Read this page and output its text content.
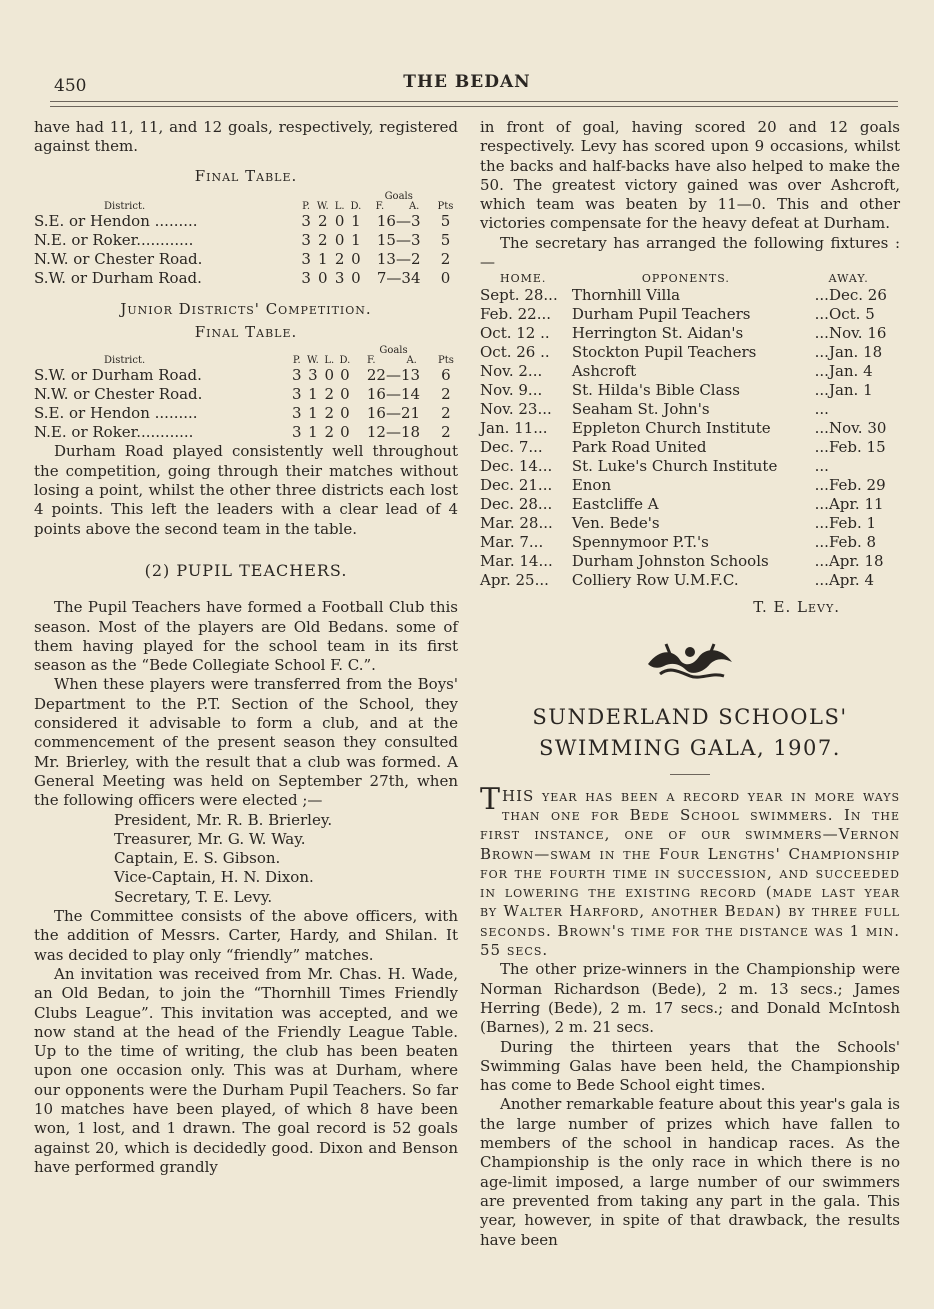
450	THE BEDAN

have had 11, 11, and 12 goals, respectively, registered against them.

Final Table.

					Goals		
District.	P.	W.	L.	D.	F.	A.	Pts
S.E. or Hendon .........	3	2	0	1	16—3		5
N.E. or Roker............	3	2	0	1	15—3		5
N.W. or Chester Road.	3	1	2	0	13—2		2
S.W. or Durham Road.	3	0	3	0	7—34		0

Junior Districts' Competition.

Final Table.

					Goals		
District.	P.	W.	L.	D.	F.	A.	Pts
S.W. or Durham Road.	3	3	0	0	22—13		6
N.W. or Chester Road.	3	1	2	0	16—14		2
S.E. or Hendon .........	3	1	2	0	16—21		2
N.E. or Roker............	3	1	2	0	12—18		2

Durham Road played consistently well throughout the competition, going through their matches without losing a point, whilst the other three districts each lost 4 points. This left the leaders with a clear lead of 4 points above the second team in the table.

(2) PUPIL TEACHERS.

The Pupil Teachers have formed a Football Club this season. Most of the players are Old Bedans. some of them having played for the school team in its first season as the “Bede Collegiate School F. C.”.

When these players were transferred from the Boys' Department to the P.T. Section of the School, they considered it advisable to form a club, and at the commencement of the present season they consulted Mr. Brierley, with the result that a club was formed. A General Meeting was held on September 27th, when the following officers were elected ;—

President, Mr. R. B. Brierley.

Treasurer, Mr. G. W. Way.

Captain, E. S. Gibson.

Vice-Captain, H. N. Dixon.

Secretary, T. E. Levy.

The Committee consists of the above officers, with the addition of Messrs. Carter, Hardy, and Shilan. It was decided to play only “friendly” matches.

An invitation was received from Mr. Chas. H. Wade, an Old Bedan, to join the “Thornhill Times Friendly Clubs League”. This invitation was accepted, and we now stand at the head of the Friendly League Table. Up to the time of writing, the club has been beaten upon one occasion only. This was at Durham, where our opponents were the Durham Pupil Teachers. So far 10 matches have been played, of which 8 have been won, 1 lost, and 1 drawn. The goal record is 52 goals against 20, which is decidedly good. Dixon and Benson have performed grandly

in front of goal, having scored 20 and 12 goals respectively. Levy has scored upon 9 occasions, whilst the backs and half-backs have also helped to make the 50. The greatest victory gained was over Ashcroft, which team was beaten by 11—0. This and other victories compensate for the heavy defeat at Durham.

The secretary has arranged the following fixtures :—

HOME.	OPPONENTS.	AWAY.
Sept. 28...	Thornhill Villa	...Dec. 26
Feb. 22...	Durham Pupil Teachers	...Oct. 5
Oct. 12 ..	Herrington St. Aidan's	...Nov. 16
Oct. 26 ..	Stockton Pupil Teachers	...Jan. 18
Nov. 2...	Ashcroft	...Jan. 4
Nov. 9...	St. Hilda's Bible Class	...Jan. 1
Nov. 23...	Seaham St. John's	...
Jan. 11...	Eppleton Church Institute	...Nov. 30
Dec. 7...	Park Road United	...Feb. 15
Dec. 14...	St. Luke's Church Institute	...
Dec. 21...	Enon	...Feb. 29
Dec. 28...	Eastcliffe A	...Apr. 11
Mar. 28...	Ven. Bede's	...Feb. 1
Mar. 7...	Spennymoor P.T.'s	...Feb. 8
Mar. 14...	Durham Johnston Schools	...Apr. 18
Apr. 25...	Colliery Row U.M.F.C.	...Apr. 4

T. E. Levy.

SUNDERLAND SCHOOLS'

SWIMMING GALA, 1907.

THIS year has been a record year in more ways than one for Bede School swimmers. In the first instance, one of our swimmers—Vernon Brown—swam in the Four Lengths' Championship for the fourth time in succession, and succeeded in lowering the existing record (made last year by Walter Harford, another Bedan) by three full seconds. Brown's time for the distance was 1 min. 55 secs.

The other prize-winners in the Championship were Norman Richardson (Bede), 2 m. 13 secs.; James Herring (Bede), 2 m. 17 secs.; and Donald McIntosh (Barnes), 2 m. 21 secs.

During the thirteen years that the Schools' Swimming Galas have been held, the Championship has come to Bede School eight times.

Another remarkable feature about this year's gala is the large number of prizes which have fallen to members of the school in handicap races. As the Championship is the only race in which there is no age-limit imposed, a large number of our swimmers are prevented from taking any part in the gala. This year, however, in spite of that drawback, the results have been
